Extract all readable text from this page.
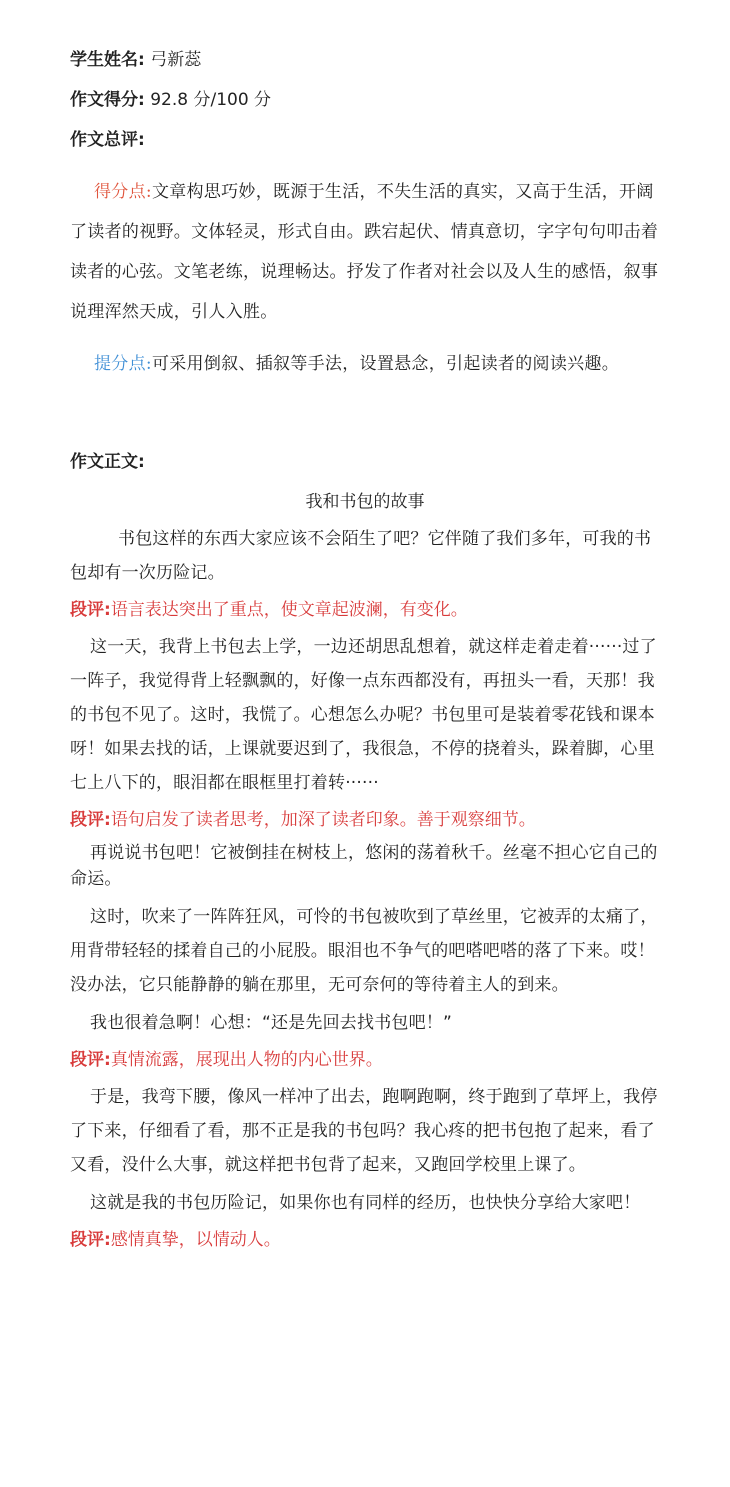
学生姓名: 弓新蕊
作文得分: 92.8 分/100 分
作文总评:
得分点:文章构思巧妙，既源于生活，不失生活的真实，又高于生活，开阔了读者的视野。文体轻灵，形式自由。跌宕起伏、情真意切，字字句句叩击着读者的心弦。文笔老练，说理畅达。抒发了作者对社会以及人生的感悟，叙事说理浑然天成，引人入胜。
提分点:可采用倒叙、插叙等手法，设置悬念，引起读者的阅读兴趣。
作文正文:
我和书包的故事
书包这样的东西大家应该不会陌生了吧？它伴随了我们多年，可我的书包却有一次历险记。
段评:语言表达突出了重点，使文章起波澜，有变化。
这一天，我背上书包去上学，一边还胡思乱想着，就这样走着走着······过了一阵子，我觉得背上轻飘飘的，好像一点东西都没有，再扭头一看，天那！我的书包不见了。这时，我慌了。心想怎么办呢？书包里可是装着零花钱和课本呀！如果去找的话，上课就要迟到了，我很急，不停的挠着头，跺着脚，心里七上八下的，眼泪都在眼框里打着转······
段评:语句启发了读者思考，加深了读者印象。善于观察细节。
再说说书包吧！它被倒挂在树枝上，悠闲的荡着秋千。丝毫不担心它自己的命运。
这时，吹来了一阵阵狂风，可怜的书包被吹到了草丝里，它被弄的太痛了，用背带轻轻的揉着自己的小屁股。眼泪也不争气的吧嗒吧嗒的落了下来。哎！没办法，它只能静静的躺在那里，无可奈何的等待着主人的到来。
我也很着急啊！心想：“还是先回去找书包吧！”
段评:真情流露，展现出人物的内心世界。
于是，我弯下腰，像风一样冲了出去，跑啊跑啊，终于跑到了草坪上，我停了下来，仔细看了看，那不正是我的书包吗？我心疼的把书包抱了起来，看了又看，没什么大事，就这样把书包背了起来，又跑回学校里上课了。
这就是我的书包历险记，如果你也有同样的经历，也快快分享给大家吧！
段评:感情真挚，以情动人。
